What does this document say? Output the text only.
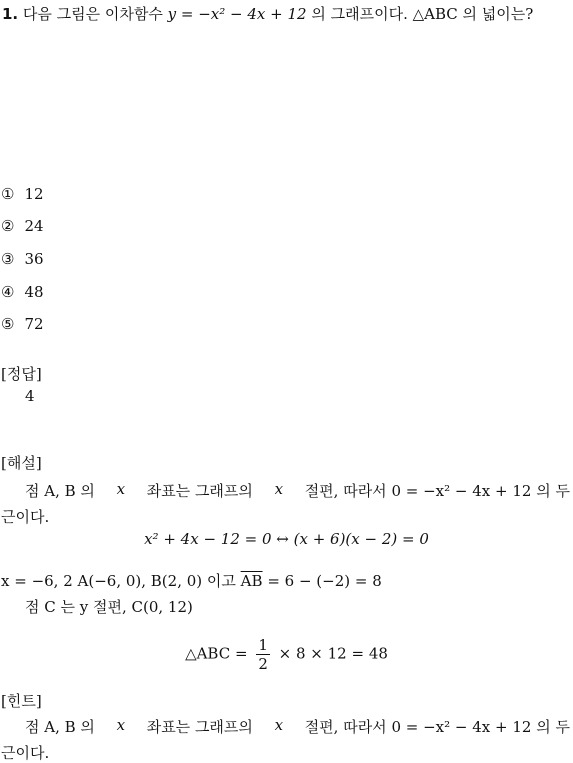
1. 다음 그림은 이차함수 y = −x² − 4x + 12 의 그래프이다. △ABC 의 넓이는?
① 12
② 24
③ 36
④ 48
⑤ 72
[정답]
4
[해설]
점 A, B 의 x 좌표는 그래프의 x 절편, 따라서 0 = −x² − 4x + 12 의 두
근이다.
x² + 4x − 12 = 0 ↔ (x + 6)(x − 2) = 0
x = −6, 2 A(−6, 0), B(2, 0) 이고 $\overline{AB} = 6 - (-2) = 8$
점 C 는 y 절편, C(0, 12)
△ABC = $\frac{1}{2} \times 8 \times 12 = 48$
[힌트]
점 A, B 의 x 좌표는 그래프의 x 절편, 따라서 0 = −x² − 4x + 12 의 두
근이다.
